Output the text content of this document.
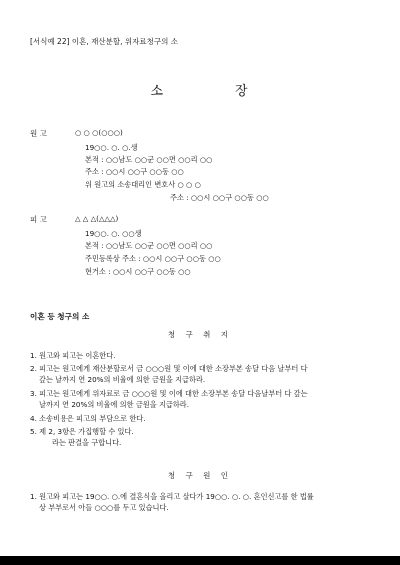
[서식예 22] 이혼, 재산분할, 위자료청구의 소
소	장
원 고	○ ○ ○(○○○)
19○○. ○. ○.생
본적 : ○○남도 ○○군 ○○면 ○○리 ○○
주소 : ○○시 ○○구 ○○동 ○○
위 원고의 소송대리인 변호사 ○ ○ ○
주소 : ○○시 ○○구 ○○동 ○○
피 고	△ △ △(△△△)
19○○. ○. ○○생
본적 : ○○남도 ○○군 ○○면 ○○리 ○○
주민등록상 주소 : ○○시 ○○구 ○○동 ○○
현거소 : ○○시 ○○구 ○○동 ○○
이혼 등 청구의 소
청 구 취 지
1. 원고와 피고는 이혼한다.
2. 피고는 원고에게 재산분할로서 금 ○○○원 및 이에 대한 소장부본 송달 다음 날부터 다
갚는 날까지 연 20%의 비율에 의한 금원을 지급하라.
3. 피고는 원고에게 위자료로 금 ○○○원 및 이에 대한 소장부본 송달 다음날부터 다 갚는
날까지 연 20%의 비율에 의한 금원을 지급하라.
4. 소송비용은 피고의 부담으로 한다.
5. 제 2, 3항은 가집행할 수 있다.
라는 판결을 구합니다.
청 구 원 인
1. 원고와 피고는 19○○. ○.에 결혼식을 올리고 살다가 19○○. ○. ○. 혼인신고를 한 법률
상 부부로서 아들 ○○○를 두고 있습니다.
